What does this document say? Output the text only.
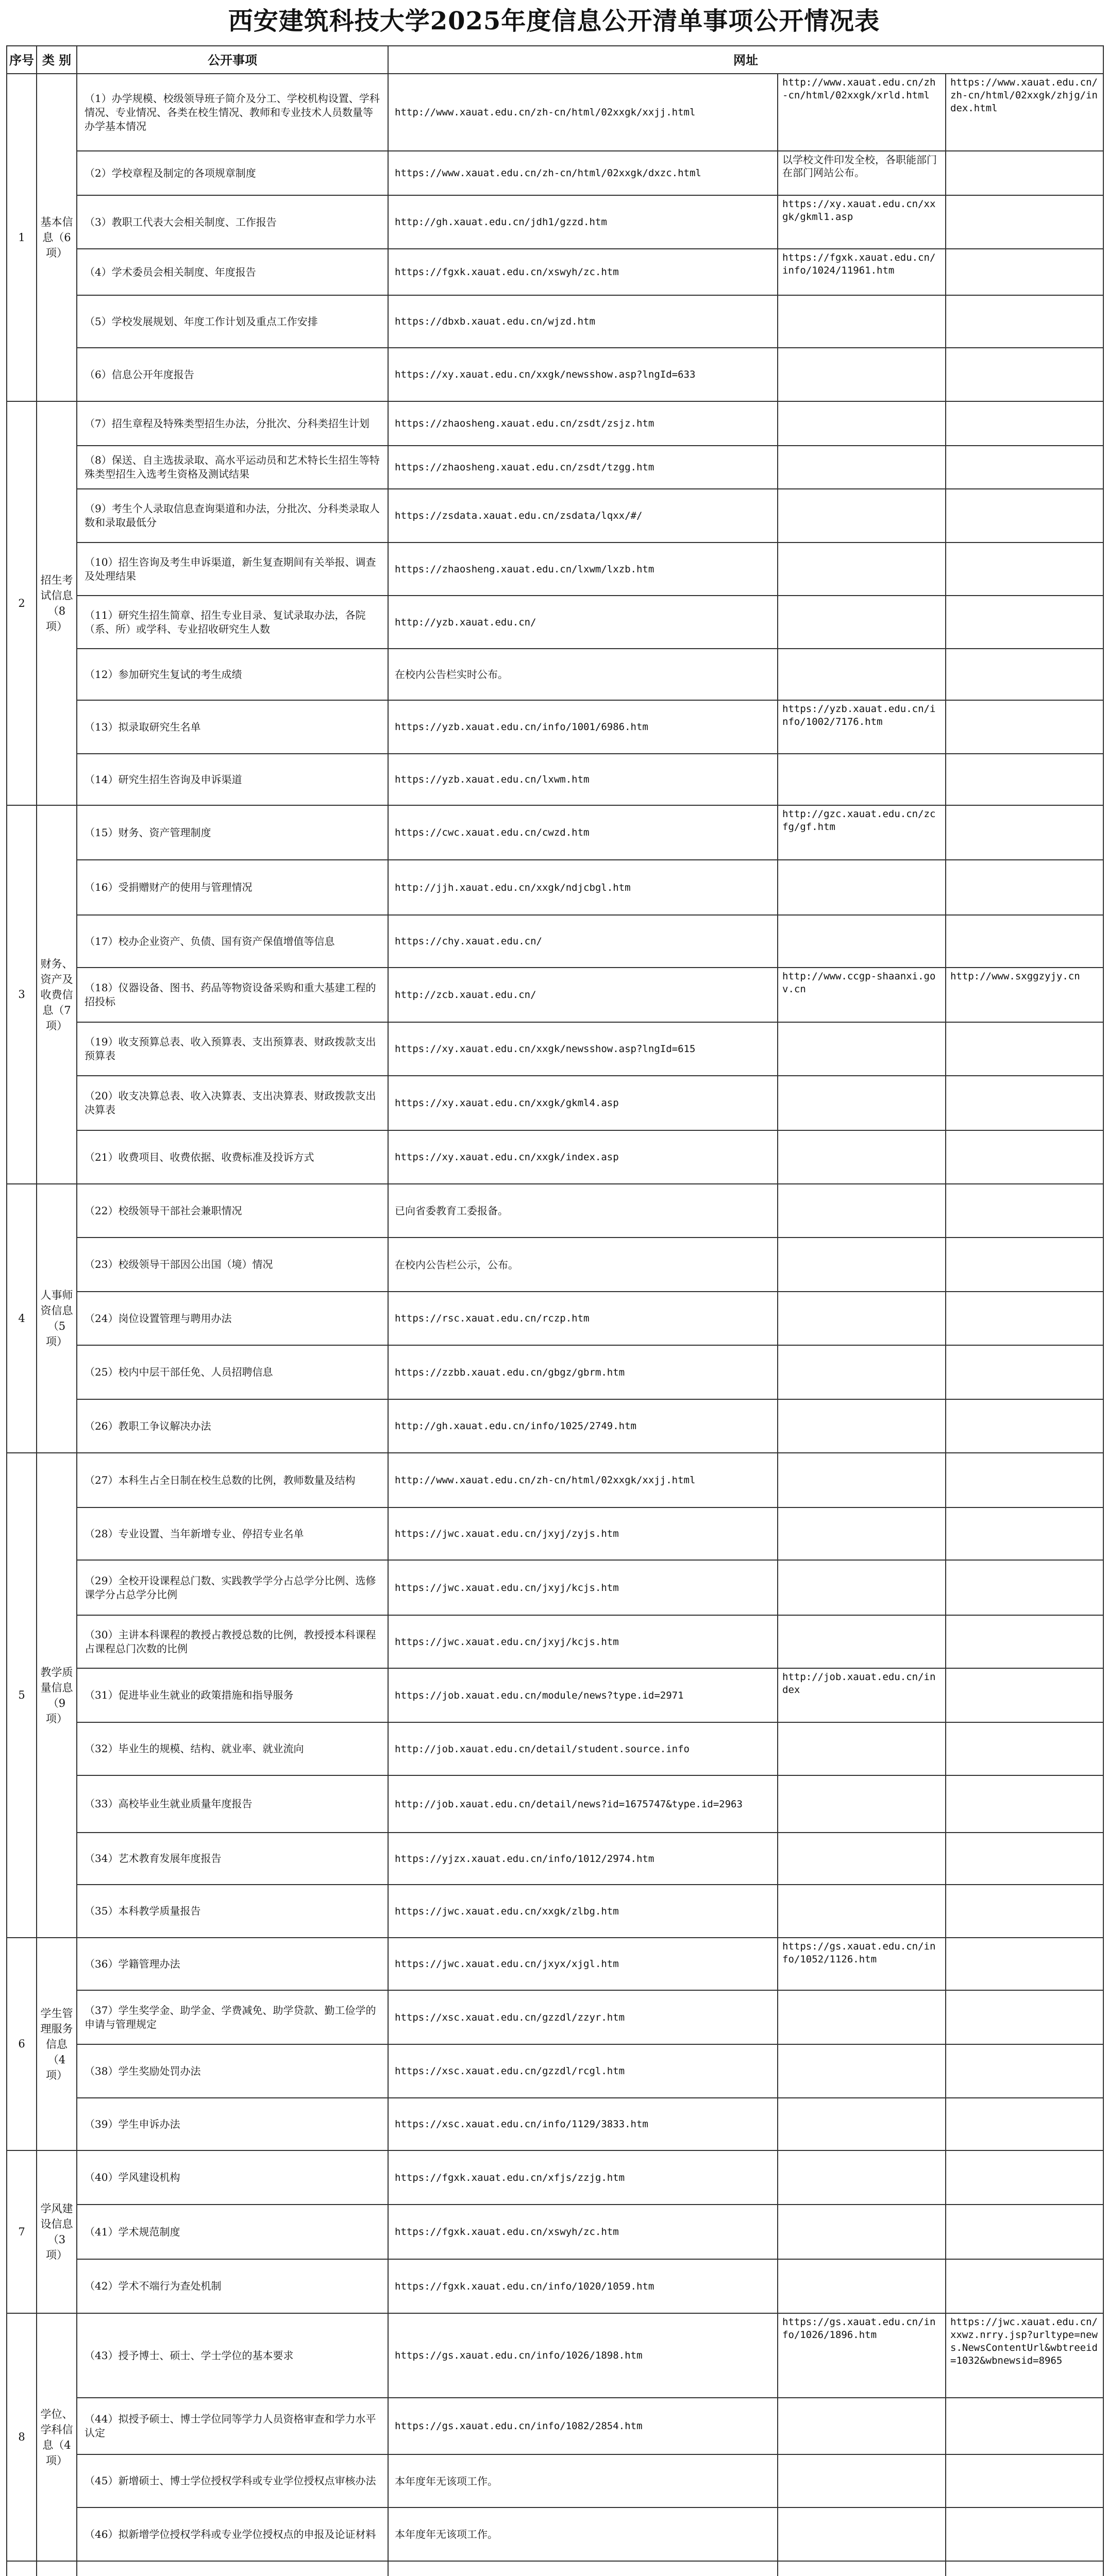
西安建筑科技大学2025年度信息公开清单事项公开情况表
序号	类 别	公开事项	网址		
1	基本信息（6项）	（1）办学规模、校级领导班子简介及分工、学校机构设置、学科情况、专业情况、各类在校生情况、教师和专业技术人员数量等办学基本情况	http://www.xauat.edu.cn/zh-cn/html/02xxgk/xxjj.html	http://www.xauat.edu.cn/zh-cn/html/02xxgk/xrld.html	https://www.xauat.edu.cn/zh-cn/html/02xxgk/zhjg/index.html
		（2）学校章程及制定的各项规章制度	https://www.xauat.edu.cn/zh-cn/html/02xxgk/dxzc.html	以学校文件印发全校，各职能部门在部门网站公布。	
		（3）教职工代表大会相关制度、工作报告	http://gh.xauat.edu.cn/jdh1/gzzd.htm	https://xy.xauat.edu.cn/xxgk/gkml1.asp	
		（4）学术委员会相关制度、年度报告	https://fgxk.xauat.edu.cn/xswyh/zc.htm	https://fgxk.xauat.edu.cn/info/1024/11961.htm	
		（5）学校发展规划、年度工作计划及重点工作安排	https://dbxb.xauat.edu.cn/wjzd.htm		
		（6）信息公开年度报告	https://xy.xauat.edu.cn/xxgk/newsshow.asp?lngId=633		
2	招生考试信息（8项）	（7）招生章程及特殊类型招生办法，分批次、分科类招生计划	https://zhaosheng.xauat.edu.cn/zsdt/zsjz.htm		
		（8）保送、自主选拔录取、高水平运动员和艺术特长生招生等特殊类型招生入选考生资格及测试结果	https://zhaosheng.xauat.edu.cn/zsdt/tzgg.htm		
		（9）考生个人录取信息查询渠道和办法，分批次、分科类录取人数和录取最低分	https://zsdata.xauat.edu.cn/zsdata/lqxx/#/		
		（10）招生咨询及考生申诉渠道，新生复查期间有关举报、调查及处理结果	https://zhaosheng.xauat.edu.cn/lxwm/lxzb.htm		
		（11）研究生招生简章、招生专业目录、复试录取办法，各院（系、所）或学科、专业招收研究生人数	http://yzb.xauat.edu.cn/		
		（12）参加研究生复试的考生成绩	在校内公告栏实时公布。		
		（13）拟录取研究生名单	https://yzb.xauat.edu.cn/info/1001/6986.htm	https://yzb.xauat.edu.cn/info/1002/7176.htm	
		（14）研究生招生咨询及申诉渠道	https://yzb.xauat.edu.cn/lxwm.htm		
3	财务、资产及收费信息（7项）	（15）财务、资产管理制度	https://cwc.xauat.edu.cn/cwzd.htm	http://gzc.xauat.edu.cn/zcfg/gf.htm	
		（16）受捐赠财产的使用与管理情况	http://jjh.xauat.edu.cn/xxgk/ndjcbgl.htm		
		（17）校办企业资产、负债、国有资产保值增值等信息	https://chy.xauat.edu.cn/		
		（18）仪器设备、图书、药品等物资设备采购和重大基建工程的招投标	http://zcb.xauat.edu.cn/	http://www.ccgp-shaanxi.gov.cn	http://www.sxggzyjy.cn
		（19）收支预算总表、收入预算表、支出预算表、财政拨款支出预算表	https://xy.xauat.edu.cn/xxgk/newsshow.asp?lngId=615		
		（20）收支决算总表、收入决算表、支出决算表、财政拨款支出决算表	https://xy.xauat.edu.cn/xxgk/gkml4.asp		
		（21）收费项目、收费依据、收费标准及投诉方式	https://xy.xauat.edu.cn/xxgk/index.asp		
4	人事师资信息（5项）	（22）校级领导干部社会兼职情况	已向省委教育工委报备。		
		（23）校级领导干部因公出国（境）情况	在校内公告栏公示，公布。		
		（24）岗位设置管理与聘用办法	https://rsc.xauat.edu.cn/rczp.htm		
		（25）校内中层干部任免、人员招聘信息	https://zzbb.xauat.edu.cn/gbgz/gbrm.htm		
		（26）教职工争议解决办法	http://gh.xauat.edu.cn/info/1025/2749.htm		
5	教学质量信息（9项）	（27）本科生占全日制在校生总数的比例，教师数量及结构	http://www.xauat.edu.cn/zh-cn/html/02xxgk/xxjj.html		
		（28）专业设置、当年新增专业、停招专业名单	https://jwc.xauat.edu.cn/jxyj/zyjs.htm		
		（29）全校开设课程总门数、实践教学学分占总学分比例、选修课学分占总学分比例	https://jwc.xauat.edu.cn/jxyj/kcjs.htm		
		（30）主讲本科课程的教授占教授总数的比例，教授授本科课程占课程总门次数的比例	https://jwc.xauat.edu.cn/jxyj/kcjs.htm		
		（31）促进毕业生就业的政策措施和指导服务	https://job.xauat.edu.cn/module/news?type.id=2971	http://job.xauat.edu.cn/index	
		（32）毕业生的规模、结构、就业率、就业流向	http://job.xauat.edu.cn/detail/student.source.info		
		（33）高校毕业生就业质量年度报告	http://job.xauat.edu.cn/detail/news?id=1675747&type.id=2963		
		（34）艺术教育发展年度报告	https://yjzx.xauat.edu.cn/info/1012/2974.htm		
		（35）本科教学质量报告	https://jwc.xauat.edu.cn/xxgk/zlbg.htm		
6	学生管理服务信息（4项）	（36）学籍管理办法	https://jwc.xauat.edu.cn/jxyx/xjgl.htm	https://gs.xauat.edu.cn/info/1052/1126.htm	
		（37）学生奖学金、助学金、学费减免、助学贷款、勤工俭学的申请与管理规定	https://xsc.xauat.edu.cn/gzzdl/zzyr.htm		
		（38）学生奖励处罚办法	https://xsc.xauat.edu.cn/gzzdl/rcgl.htm		
		（39）学生申诉办法	https://xsc.xauat.edu.cn/info/1129/3833.htm		
7	学风建设信息（3项）	（40）学风建设机构	https://fgxk.xauat.edu.cn/xfjs/zzjg.htm		
		（41）学术规范制度	https://fgxk.xauat.edu.cn/xswyh/zc.htm		
		（42）学术不端行为查处机制	https://fgxk.xauat.edu.cn/info/1020/1059.htm		
8	学位、学科信息（4项）	（43）授予博士、硕士、学士学位的基本要求	https://gs.xauat.edu.cn/info/1026/1898.htm	https://gs.xauat.edu.cn/info/1026/1896.htm	https://jwc.xauat.edu.cn/xxwz.nrry.jsp?urltype=news.NewsContentUrl&wbtreeid=1032&wbnewsid=8965
		（44）拟授予硕士、博士学位同等学力人员资格审查和学力水平认定	https://gs.xauat.edu.cn/info/1082/2854.htm		
		（45）新增硕士、博士学位授权学科或专业学位授权点审核办法	本年度年无该项工作。		
		（46）拟新增学位授权学科或专业学位授权点的申报及论证材料	本年度年无该项工作。		
